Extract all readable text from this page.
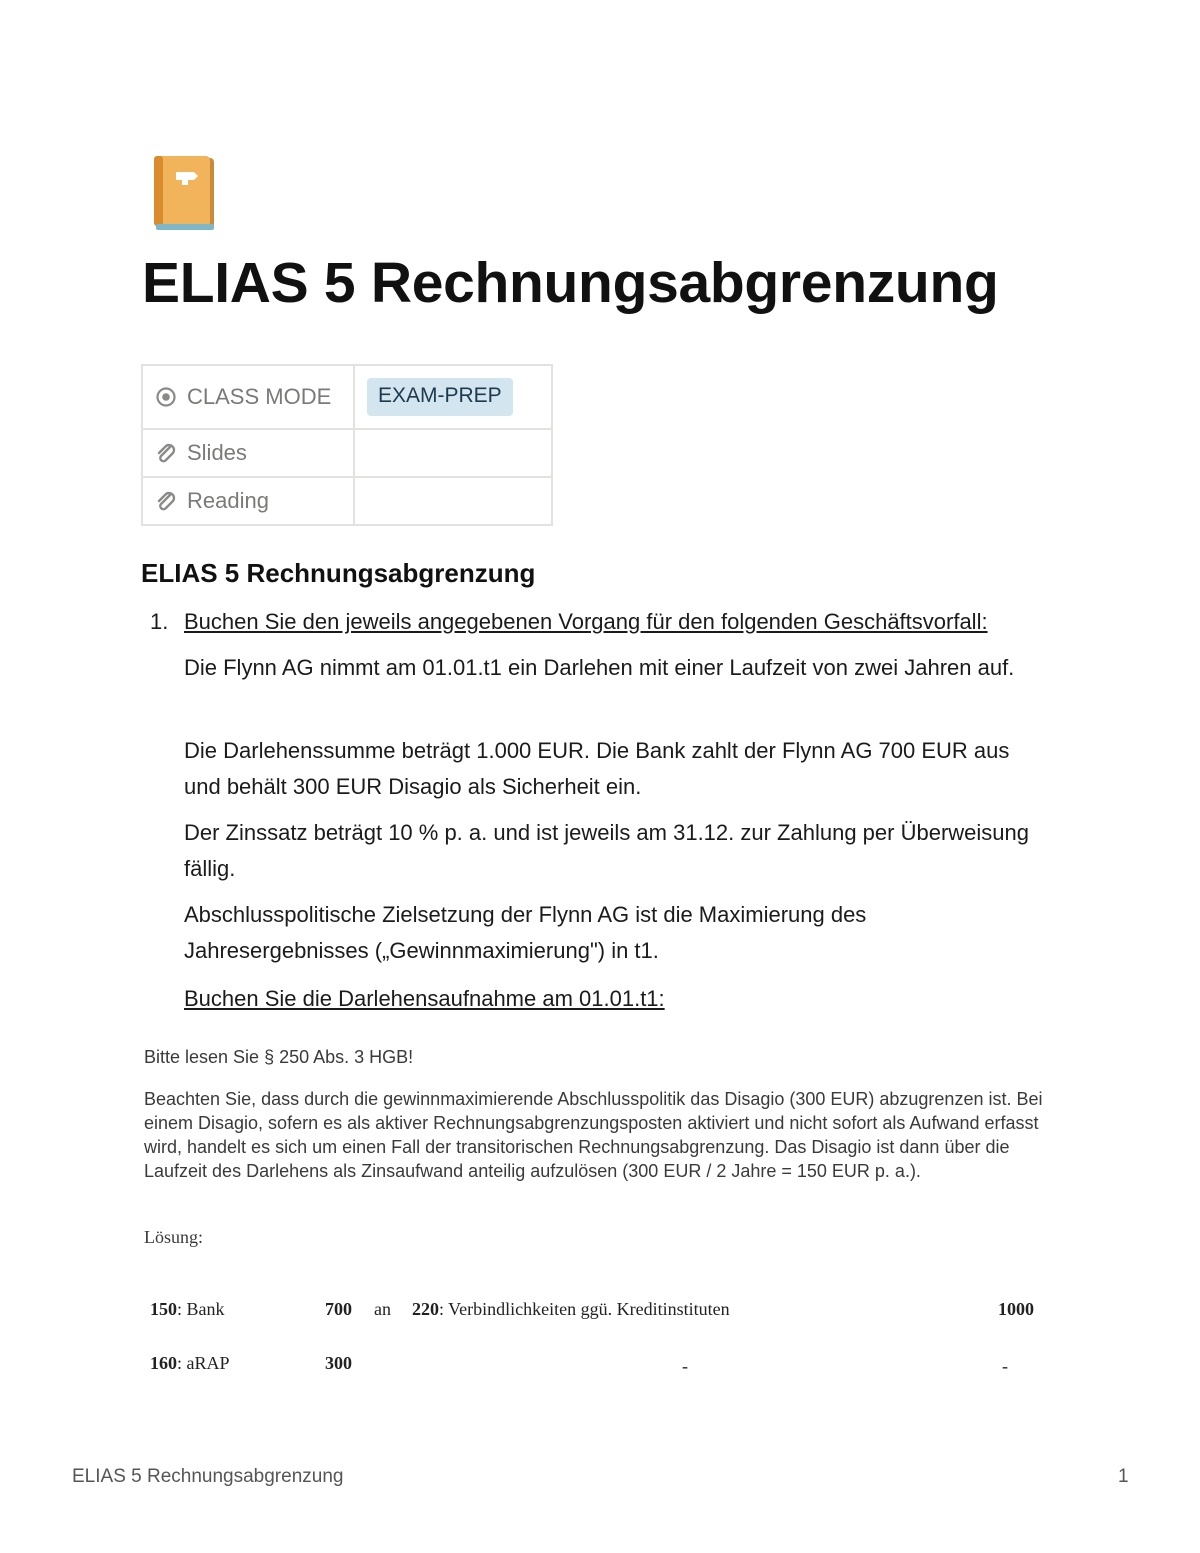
ELIAS 5 Rechnungsabgrenzung
CLASS MODE	EXAM-PREP

Slides	

Reading	

ELIAS 5 Rechnungsabgrenzung
1. Buchen Sie den jeweils angegebenen Vorgang für den folgenden Geschäftsvorfall:

Die Flynn AG nimmt am 01.01.t1 ein Darlehen mit einer Laufzeit von zwei Jahren auf.

Die Darlehenssumme beträgt 1.000 EUR. Die Bank zahlt der Flynn AG 700 EUR aus und behält 300 EUR Disagio als Sicherheit ein.

Der Zinssatz beträgt 10 % p. a. und ist jeweils am 31.12. zur Zahlung per Überweisung fällig.

Abschlusspolitische Zielsetzung der Flynn AG ist die Maximierung des Jahresergebnisses („Gewinnmaximierung") in t1.

Buchen Sie die Darlehensaufnahme am 01.01.t1:

Bitte lesen Sie § 250 Abs. 3 HGB!

Beachten Sie, dass durch die gewinnmaximierende Abschlusspolitik das Disagio (300 EUR) abzugrenzen ist. Bei einem Disagio, sofern es als aktiver Rechnungsabgrenzungsposten aktiviert und nicht sofort als Aufwand erfasst wird, handelt es sich um einen Fall der transitorischen Rechnungsabgrenzung. Das Disagio ist dann über die Laufzeit des Darlehens als Zinsaufwand anteilig aufzulösen (300 EUR / 2 Jahre = 150 EUR p. a.).

Lösung:

150: Bank	700 an 220: Verbindlichkeiten ggü. Kreditinstituten	1000
160: aRAP	300	-	-
ELIAS 5 Rechnungsabgrenzung	1
